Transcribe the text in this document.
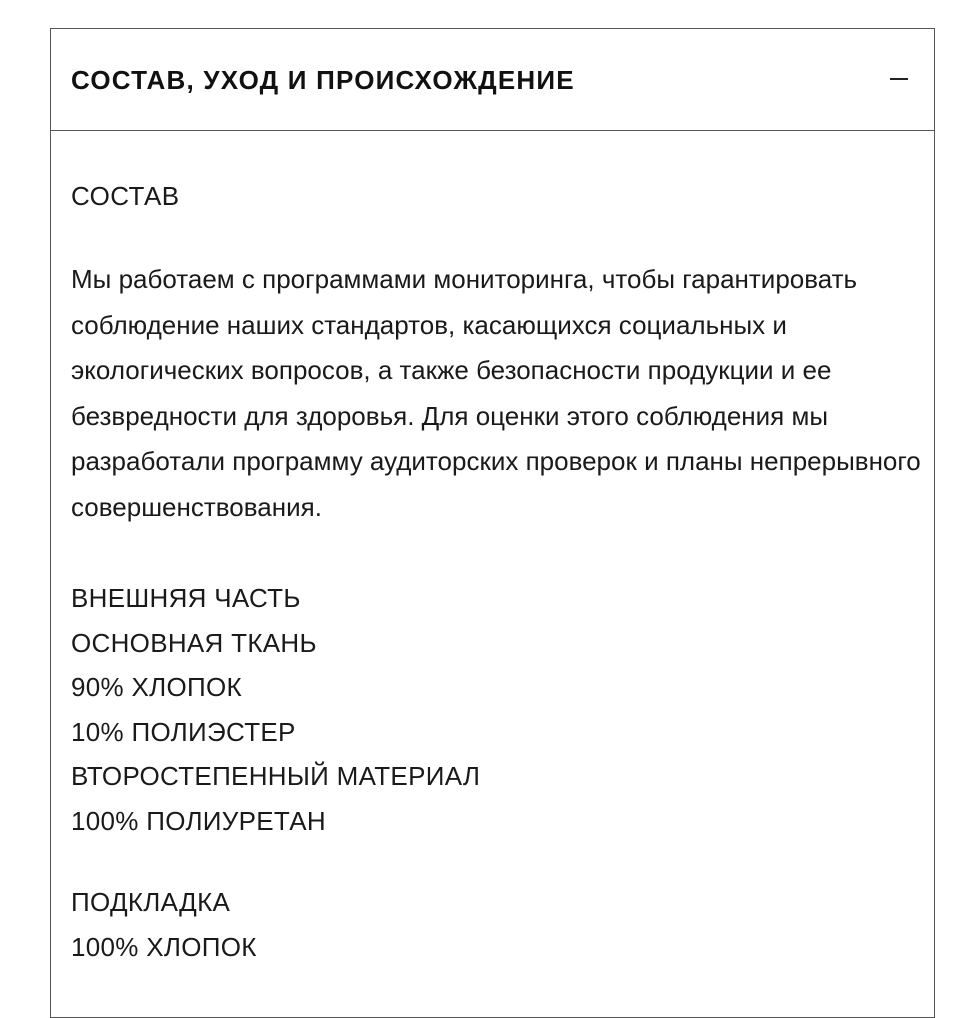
СОСТАВ, УХОД И ПРОИСХОЖДЕНИЕ
СОСТАВ
Мы работаем с программами мониторинга, чтобы гарантировать соблюдение наших стандартов, касающихся социальных и экологических вопросов, а также безопасности продукции и ее безвредности для здоровья. Для оценки этого соблюдения мы разработали программу аудиторских проверок и планы непрерывного совершенствования.
ВНЕШНЯЯ ЧАСТЬ
ОСНОВНАЯ ТКАНЬ
90% ХЛОПОК
10% ПОЛИЭСТЕР
ВТОРОСТЕПЕННЫЙ МАТЕРИАЛ
100% ПОЛИУРЕТАН
ПОДКЛАДКА
100% ХЛОПОК
